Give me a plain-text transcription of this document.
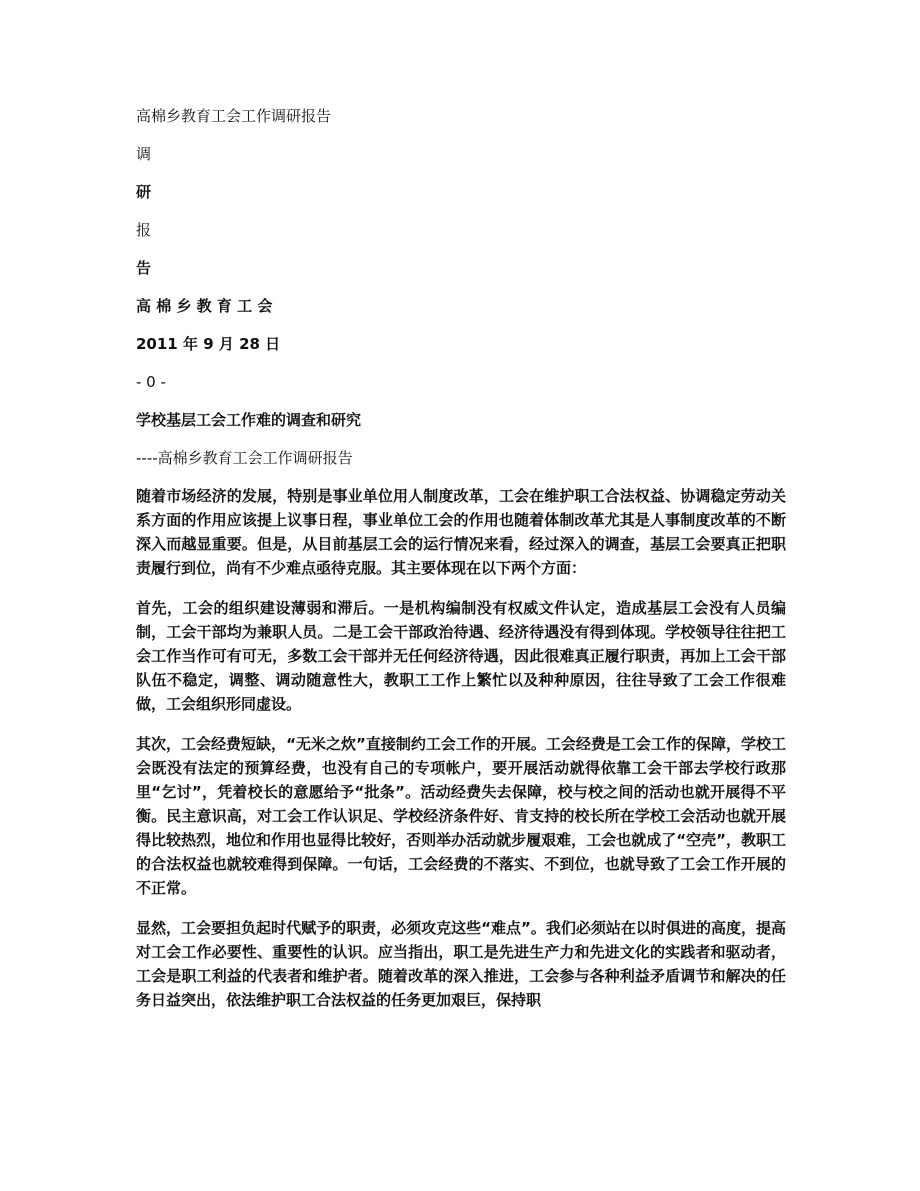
高棉乡教育工会工作调研报告
调
研
报
告
高 棉 乡 教 育 工 会
2011 年 9 月 28 日
- 0 -
学校基层工会工作难的调查和研究
----高棉乡教育工会工作调研报告

随着市场经济的发展，特别是事业单位用人制度改革，工会在维护职工合法权益、协调稳定劳动关系方面的作用应该提上议事日程，事业单位工会的作用也随着体制改革尤其是人事制度改革的不断深入而越显重要。但是，从目前基层工会的运行情况来看，经过深入的调查，基层工会要真正把职责履行到位，尚有不少难点亟待克服。其主要体现在以下两个方面：

首先，工会的组织建设薄弱和滞后。一是机构编制没有权威文件认定，造成基层工会没有人员编制，工会干部均为兼职人员。二是工会干部政治待遇、经济待遇没有得到体现。学校领导往往把工会工作当作可有可无，多数工会干部并无任何经济待遇，因此很难真正履行职责，再加上工会干部队伍不稳定，调整、调动随意性大，教职工工作上繁忙以及种种原因，往往导致了工会工作很难做，工会组织形同虚设。

其次，工会经费短缺，“无米之炊”直接制约工会工作的开展。工会经费是工会工作的保障，学校工会既没有法定的预算经费，也没有自己的专项帐户，要开展活动就得依靠工会干部去学校行政那里“乞讨”，凭着校长的意愿给予“批条”。活动经费失去保障，校与校之间的活动也就开展得不平衡。民主意识高，对工会工作认识足、学校经济条件好、肯支持的校长所在学校工会活动也就开展得比较热烈，地位和作用也显得比较好，否则举办活动就步履艰难，工会也就成了“空壳”，教职工的合法权益也就较难得到保障。一句话，工会经费的不落实、不到位，也就导致了工会工作开展的不正常。

显然，工会要担负起时代赋予的职责，必须攻克这些“难点”。我们必须站在以时俱进的高度，提高对工会工作必要性、重要性的认识。应当指出，职工是先进生产力和先进文化的实践者和驱动者，工会是职工利益的代表者和维护者。随着改革的深入推进，工会参与各种利益矛盾调节和解决的任务日益突出，依法维护职工合法权益的任务更加艰巨，保持职
